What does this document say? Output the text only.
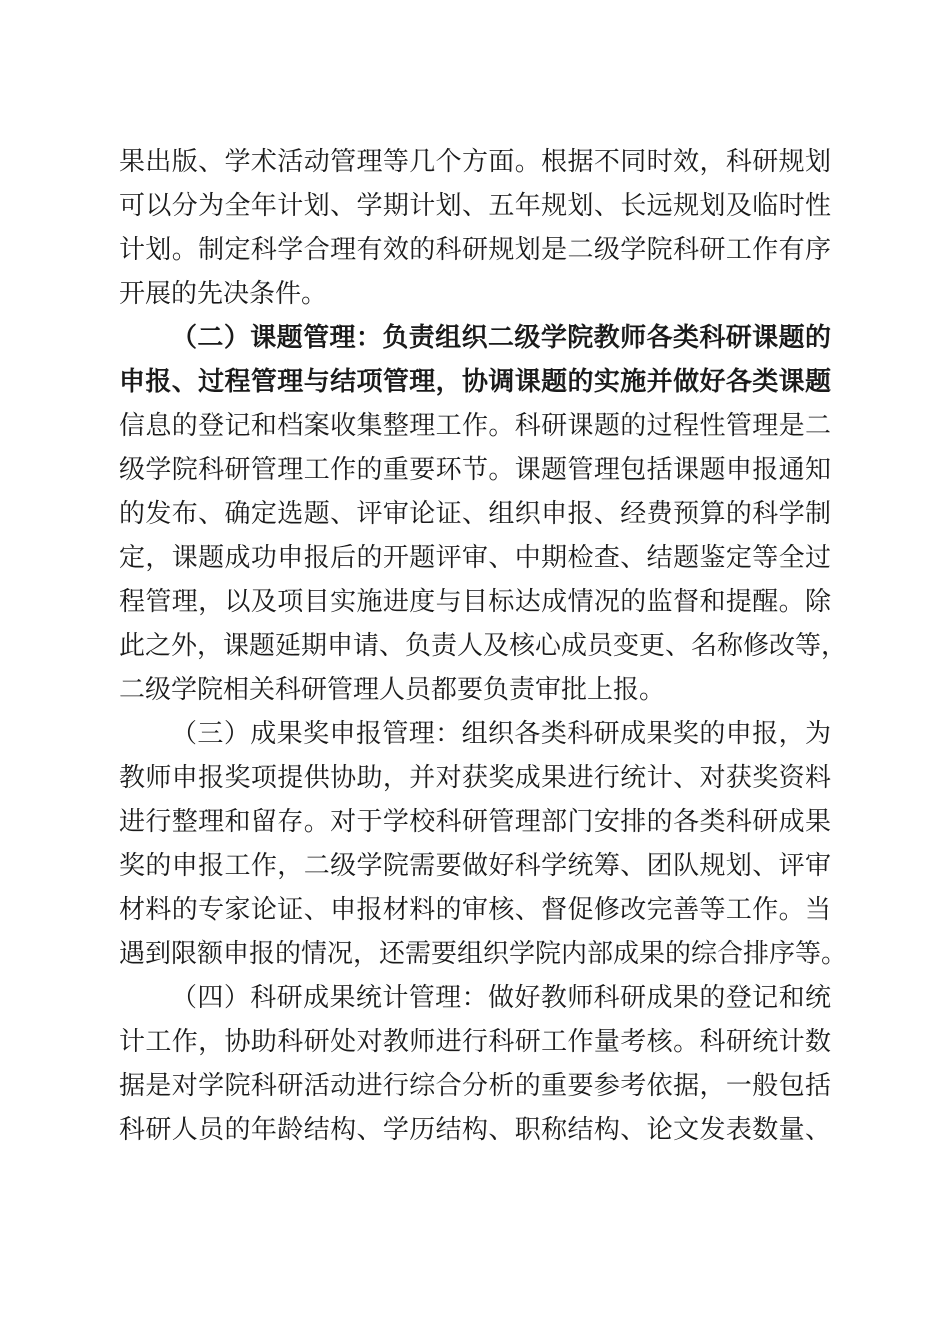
果出版、学术活动管理等几个方面。根据不同时效，科研规划
可以分为全年计划、学期计划、五年规划、长远规划及临时性
计划。制定科学合理有效的科研规划是二级学院科研工作有序
开展的先决条件。
（二）课题管理：负责组织二级学院教师各类科研课题的
申报、过程管理与结项管理，协调课题的实施并做好各类课题
信息的登记和档案收集整理工作。科研课题的过程性管理是二
级学院科研管理工作的重要环节。课题管理包括课题申报通知
的发布、确定选题、评审论证、组织申报、经费预算的科学制
定，课题成功申报后的开题评审、中期检查、结题鉴定等全过
程管理，以及项目实施进度与目标达成情况的监督和提醒。除
此之外，课题延期申请、负责人及核心成员变更、名称修改等，
二级学院相关科研管理人员都要负责审批上报。
（三）成果奖申报管理：组织各类科研成果奖的申报，为
教师申报奖项提供协助，并对获奖成果进行统计、对获奖资料
进行整理和留存。对于学校科研管理部门安排的各类科研成果
奖的申报工作，二级学院需要做好科学统筹、团队规划、评审
材料的专家论证、申报材料的审核、督促修改完善等工作。当
遇到限额申报的情况，还需要组织学院内部成果的综合排序等。
（四）科研成果统计管理：做好教师科研成果的登记和统
计工作，协助科研处对教师进行科研工作量考核。科研统计数
据是对学院科研活动进行综合分析的重要参考依据，一般包括
科研人员的年龄结构、学历结构、职称结构、论文发表数量、
